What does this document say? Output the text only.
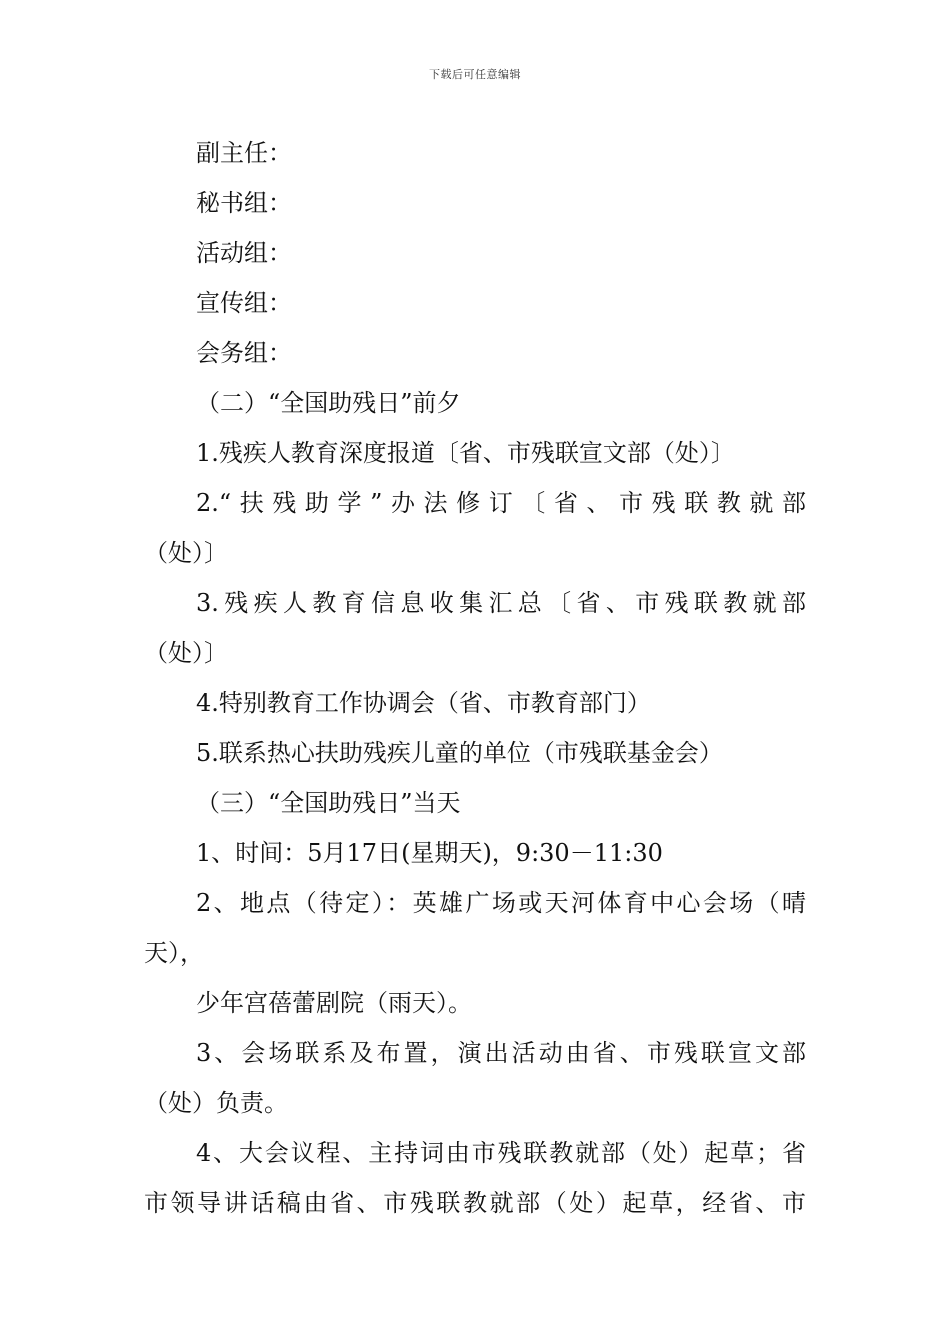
下载后可任意编辑
副主任：
秘书组：
活动组：
宣传组：
会务组：
（二）“全国助残日”前夕
1.残疾人教育深度报道〔省、市残联宣文部（处）〕
2.“扶残助学”办法修订〔省、市残联教就部
（处）〕
3.残疾人教育信息收集汇总〔省、市残联教就部
（处）〕
4.特别教育工作协调会（省、市教育部门）
5.联系热心扶助残疾儿童的单位（市残联基金会）
（三）“全国助残日”当天
1、时间：5月17日(星期天)，9:30－11:30
2、地点（待定）：英雄广场或天河体育中心会场（晴
天），
少年宫蓓蕾剧院（雨天）。
3、会场联系及布置，演出活动由省、市残联宣文部
（处）负责。
4、大会议程、主持词由市残联教就部（处）起草；省
市领导讲话稿由省、市残联教就部（处）起草，经省、市
